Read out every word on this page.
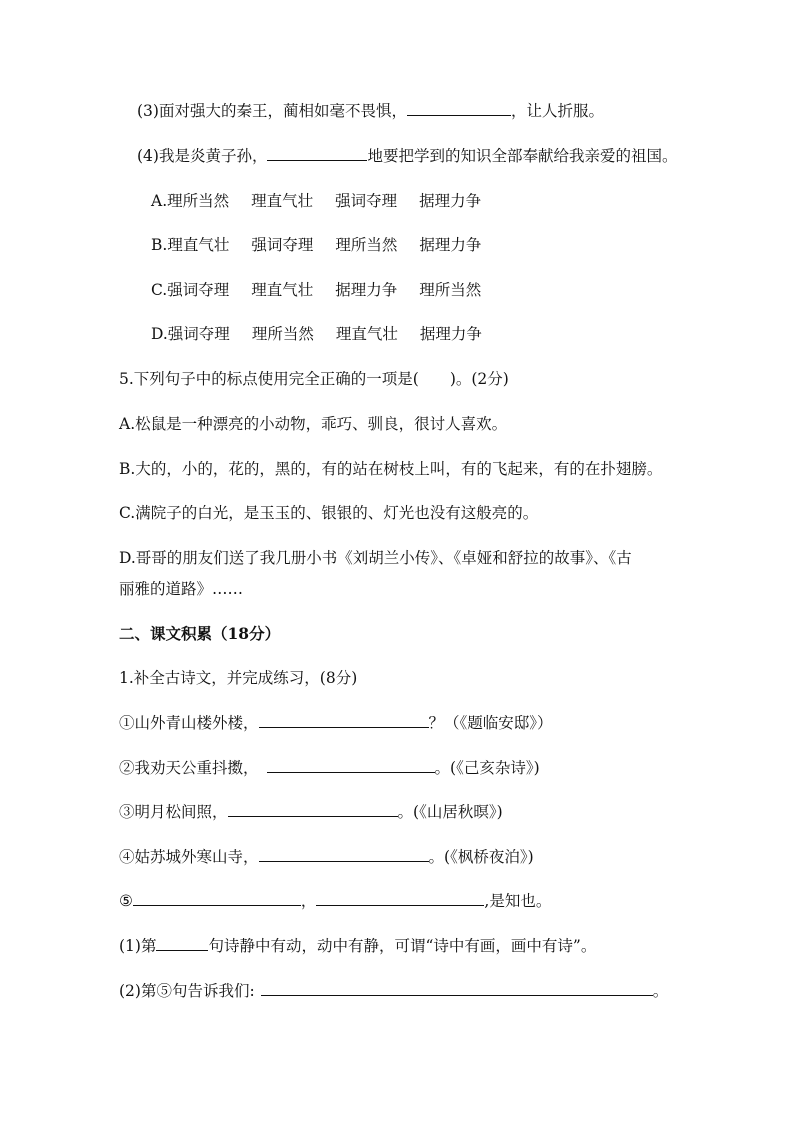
(3)面对强大的秦王，蔺相如毫不畏惧，	，让人折服。
(4)我是炎黄子孙，	地要把学到的知识全部奉献给我亲爱的祖国。
A.理所当然 理直气壮 强词夺理 据理力争
B.理直气壮 强词夺理 理所当然 据理力争
C.强词夺理 理直气壮 据理力争 理所当然
D.强词夺理 理所当然 理直气壮 据理力争
5.下列句子中的标点使用完全正确的一项是(　　)。(2分)
A.松鼠是一种漂亮的小动物，乖巧、驯良，很讨人喜欢。
B.大的，小的，花的，黑的，有的站在树枝上叫，有的飞起来，有的在扑翅膀。
C.满院子的白光，是玉玉的、银银的、灯光也没有这般亮的。
D.哥哥的朋友们送了我几册小书《刘胡兰小传》、《卓娅和舒拉的故事》、《古
丽雅的道路》……
二、课文积累（18分）
1.补全古诗文，并完成练习，(8分)
①山外青山楼外楼，	？（《题临安邸》）
②我劝天公重抖擞，	。(《己亥杂诗》)
③明月松间照，	。(《山居秋暝》)
④姑苏城外寒山寺，	。(《枫桥夜泊》)
⑤	，	,是知也。
(1)第	句诗静中有动，动中有静，可谓“诗中有画，画中有诗”。
(2)第⑤句告诉我们:	。
